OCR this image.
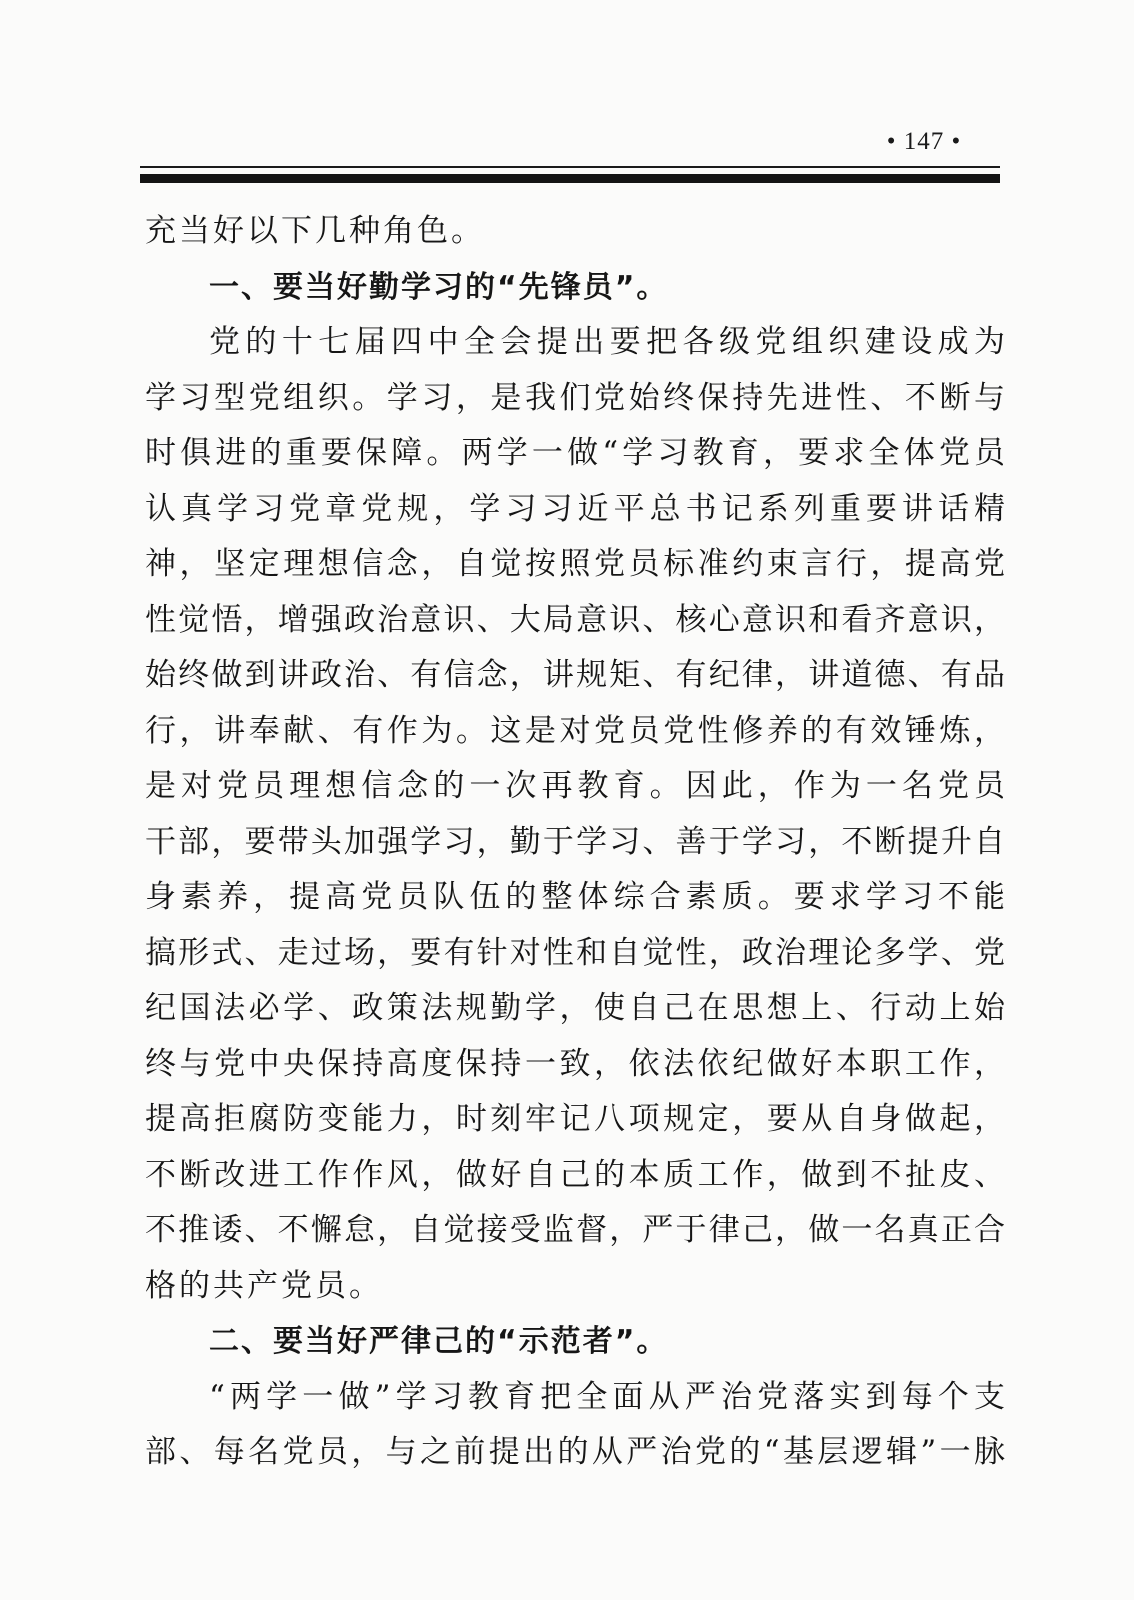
• 147 •
充当好以下几种角色。
一、要当好勤学习的“先锋员”。
党的十七届四中全会提出要把各级党组织建设成为
学习型党组织。学习，是我们党始终保持先进性、不断与
时俱进的重要保障。两学一做“学习教育，要求全体党员
认真学习党章党规，学习习近平总书记系列重要讲话精
神，坚定理想信念，自觉按照党员标准约束言行，提高党
性觉悟，增强政治意识、大局意识、核心意识和看齐意识，
始终做到讲政治、有信念，讲规矩、有纪律，讲道德、有品
行，讲奉献、有作为。这是对党员党性修养的有效锤炼，
是对党员理想信念的一次再教育。因此，作为一名党员
干部，要带头加强学习，勤于学习、善于学习，不断提升自
身素养，提高党员队伍的整体综合素质。要求学习不能
搞形式、走过场，要有针对性和自觉性，政治理论多学、党
纪国法必学、政策法规勤学，使自己在思想上、行动上始
终与党中央保持高度保持一致，依法依纪做好本职工作，
提高拒腐防变能力，时刻牢记八项规定，要从自身做起，
不断改进工作作风，做好自己的本质工作，做到不扯皮、
不推诿、不懈怠，自觉接受监督，严于律己，做一名真正合
格的共产党员。
二、要当好严律己的“示范者”。
“两学一做”学习教育把全面从严治党落实到每个支
部、每名党员，与之前提出的从严治党的“基层逻辑”一脉
